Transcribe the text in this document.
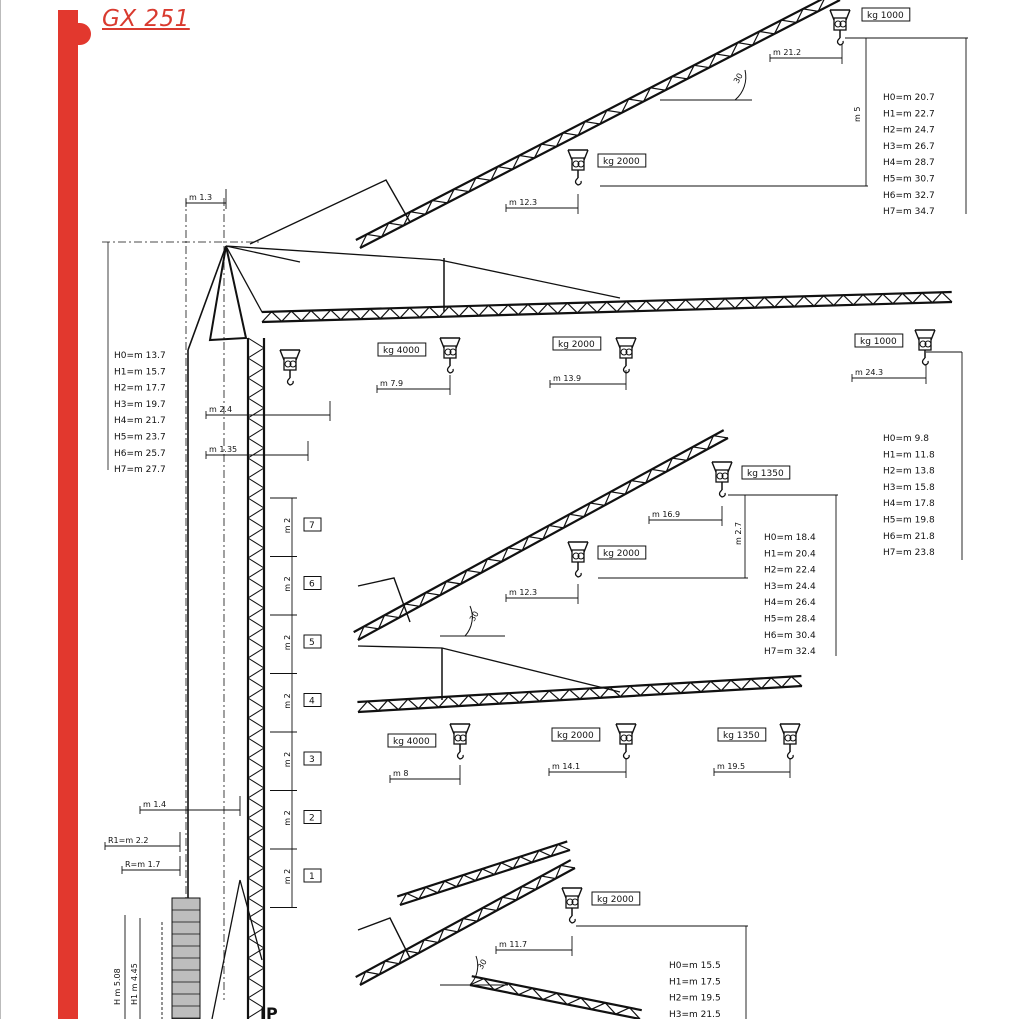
GX 251
m 2 7
m 2 6
m 2 5
m 2 4
m 2 3
m 2 2
m 2 1
IP
m 1.4
R1=m 2.2
R=m 1.7
H m 5.08 H1 m 4.45
m 1.3
m 2.4
m 1.35
H0=m 13.7
H1=m 15.7
H2=m 17.7
H3=m 19.7
H4=m 21.7
H5=m 23.7
H6=m 25.7
H7=m 27.7
kg 4000
kg 2000	kg 1000
m 7.9
m 13.9
m 24.3
H0=m 9.8
H1=m 11.8
H2=m 13.8
H3=m 15.8
H4=m 17.8
H5=m 19.8
H6=m 21.8
H7=m 23.8
kg 1000
kg 2000
m 21.2
m 12.3
m 5
30
H0=m 20.7
H1=m 22.7
H2=m 24.7
H3=m 26.7
H4=m 28.7
H5=m 30.7
H6=m 32.7
H7=m 34.7
kg 1350
kg 2000
m 16.9
m 12.3
m 2.7
30
H0=m 18.4
H1=m 20.4
H2=m 22.4
H3=m 24.4
H4=m 26.4
H5=m 28.4
H6=m 30.4
H7=m 32.4
kg 4000
kg 2000	kg 1350
m 8
m 14.1	m 19.5
kg 2000
m 11.7
30	H0=m 15.5
H1=m 17.5
H2=m 19.5
H3=m 21.5
